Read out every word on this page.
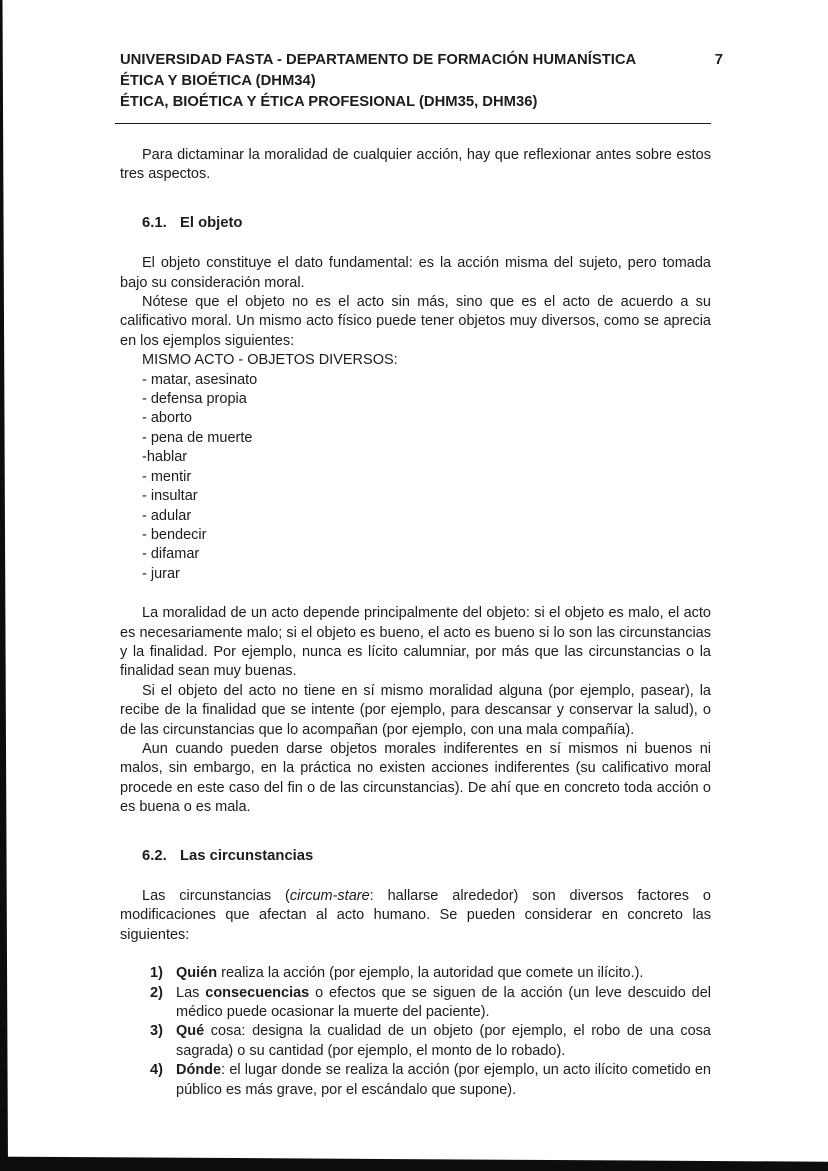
UNIVERSIDAD FASTA - DEPARTAMENTO DE FORMACIÓN HUMANÍSTICA
ÉTICA Y BIOÉTICA (DHM34)
ÉTICA, BIOÉTICA Y ÉTICA PROFESIONAL (DHM35, DHM36)
7

Para dictaminar la moralidad de cualquier acción, hay que reflexionar antes sobre estos tres aspectos.

6.1. El objeto

El objeto constituye el dato fundamental: es la acción misma del sujeto, pero tomada bajo su consideración moral.

Nótese que el objeto no es el acto sin más, sino que es el acto de acuerdo a su calificativo moral. Un mismo acto físico puede tener objetos muy diversos, como se aprecia en los ejemplos siguientes:

MISMO ACTO - OBJETOS DIVERSOS:
- matar, asesinato
- defensa propia
- aborto
- pena de muerte
-hablar
- mentir
- insultar
- adular
- bendecir
- difamar
- jurar

La moralidad de un acto depende principalmente del objeto: si el objeto es malo, el acto es necesariamente malo; si el objeto es bueno, el acto es bueno si lo son las circunstancias y la finalidad. Por ejemplo, nunca es lícito calumniar, por más que las circunstancias o la finalidad sean muy buenas.

Si el objeto del acto no tiene en sí mismo moralidad alguna (por ejemplo, pasear), la recibe de la finalidad que se intente (por ejemplo, para descansar y conservar la salud), o de las circunstancias que lo acompañan (por ejemplo, con una mala compañía).

Aun cuando pueden darse objetos morales indiferentes en sí mismos ni buenos ni malos, sin embargo, en la práctica no existen acciones indiferentes (su calificativo moral procede en este caso del fin o de las circunstancias). De ahí que en concreto toda acción o es buena o es mala.

6.2. Las circunstancias

Las circunstancias (circum-stare: hallarse alrededor) son diversos factores o modificaciones que afectan al acto humano. Se pueden considerar en concreto las siguientes:

1) Quién realiza la acción (por ejemplo, la autoridad que comete un ilícito.).
2) Las consecuencias o efectos que se siguen de la acción (un leve descuido del médico puede ocasionar la muerte del paciente).
3) Qué cosa: designa la cualidad de un objeto (por ejemplo, el robo de una cosa sagrada) o su cantidad (por ejemplo, el monto de lo robado).
4) Dónde: el lugar donde se realiza la acción (por ejemplo, un acto ilícito cometido en público es más grave, por el escándalo que supone).
